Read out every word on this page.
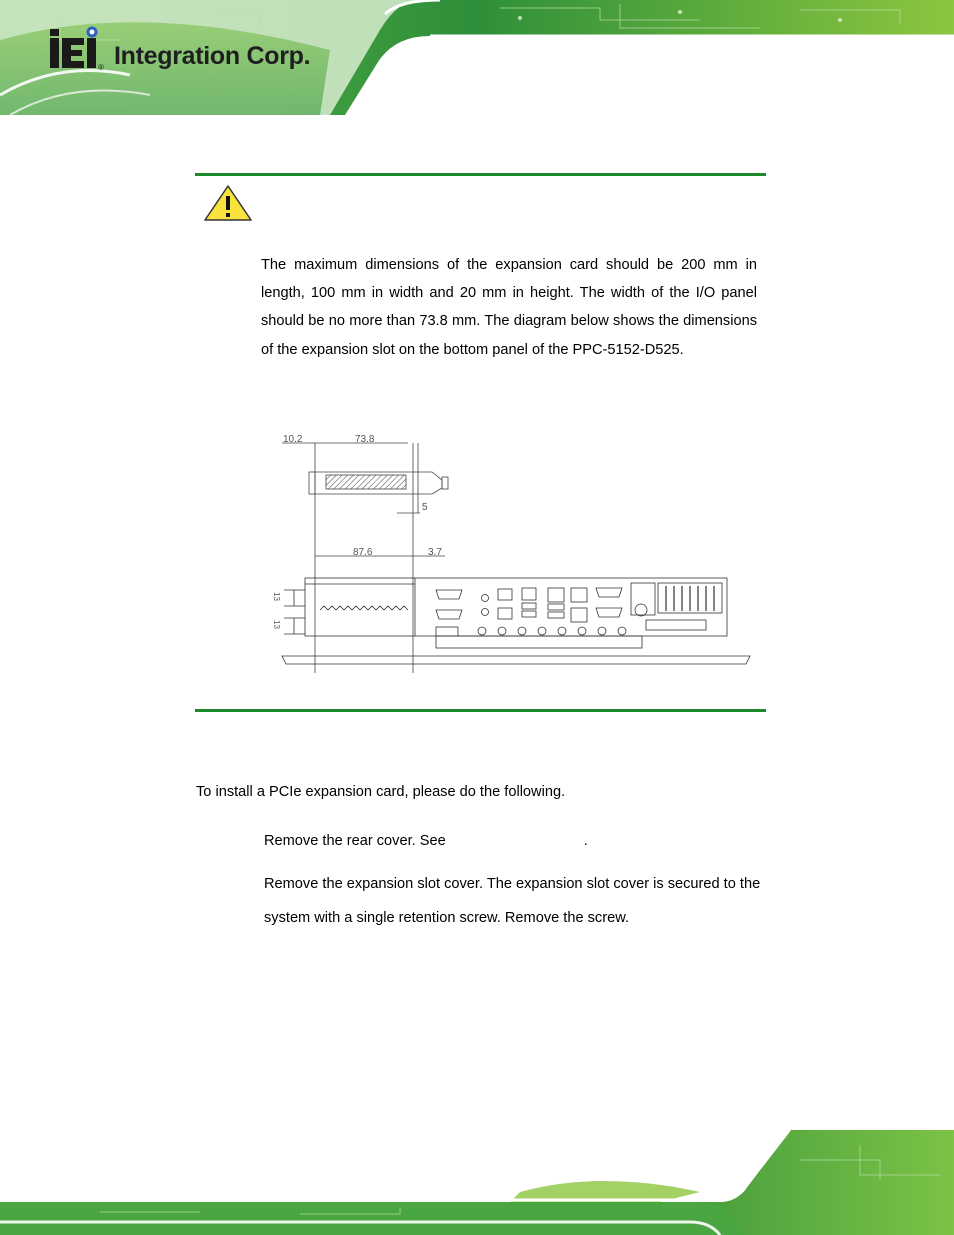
® Integration Corp.
The maximum dimensions of the expansion card should be 200 mm in length, 100 mm in width and 20 mm in height. The width of the I/O panel should be no more than 73.8 mm. The diagram below shows the dimensions of the expansion slot on the bottom panel of the PPC-5152-D525.
10.2	73.8
5
87.6	3.7
13
13
To install a PCIe expansion card, please do the following.
Remove the rear cover. See	.
Remove the expansion slot cover. The expansion slot cover is secured to the system with a single retention screw. Remove the screw.
